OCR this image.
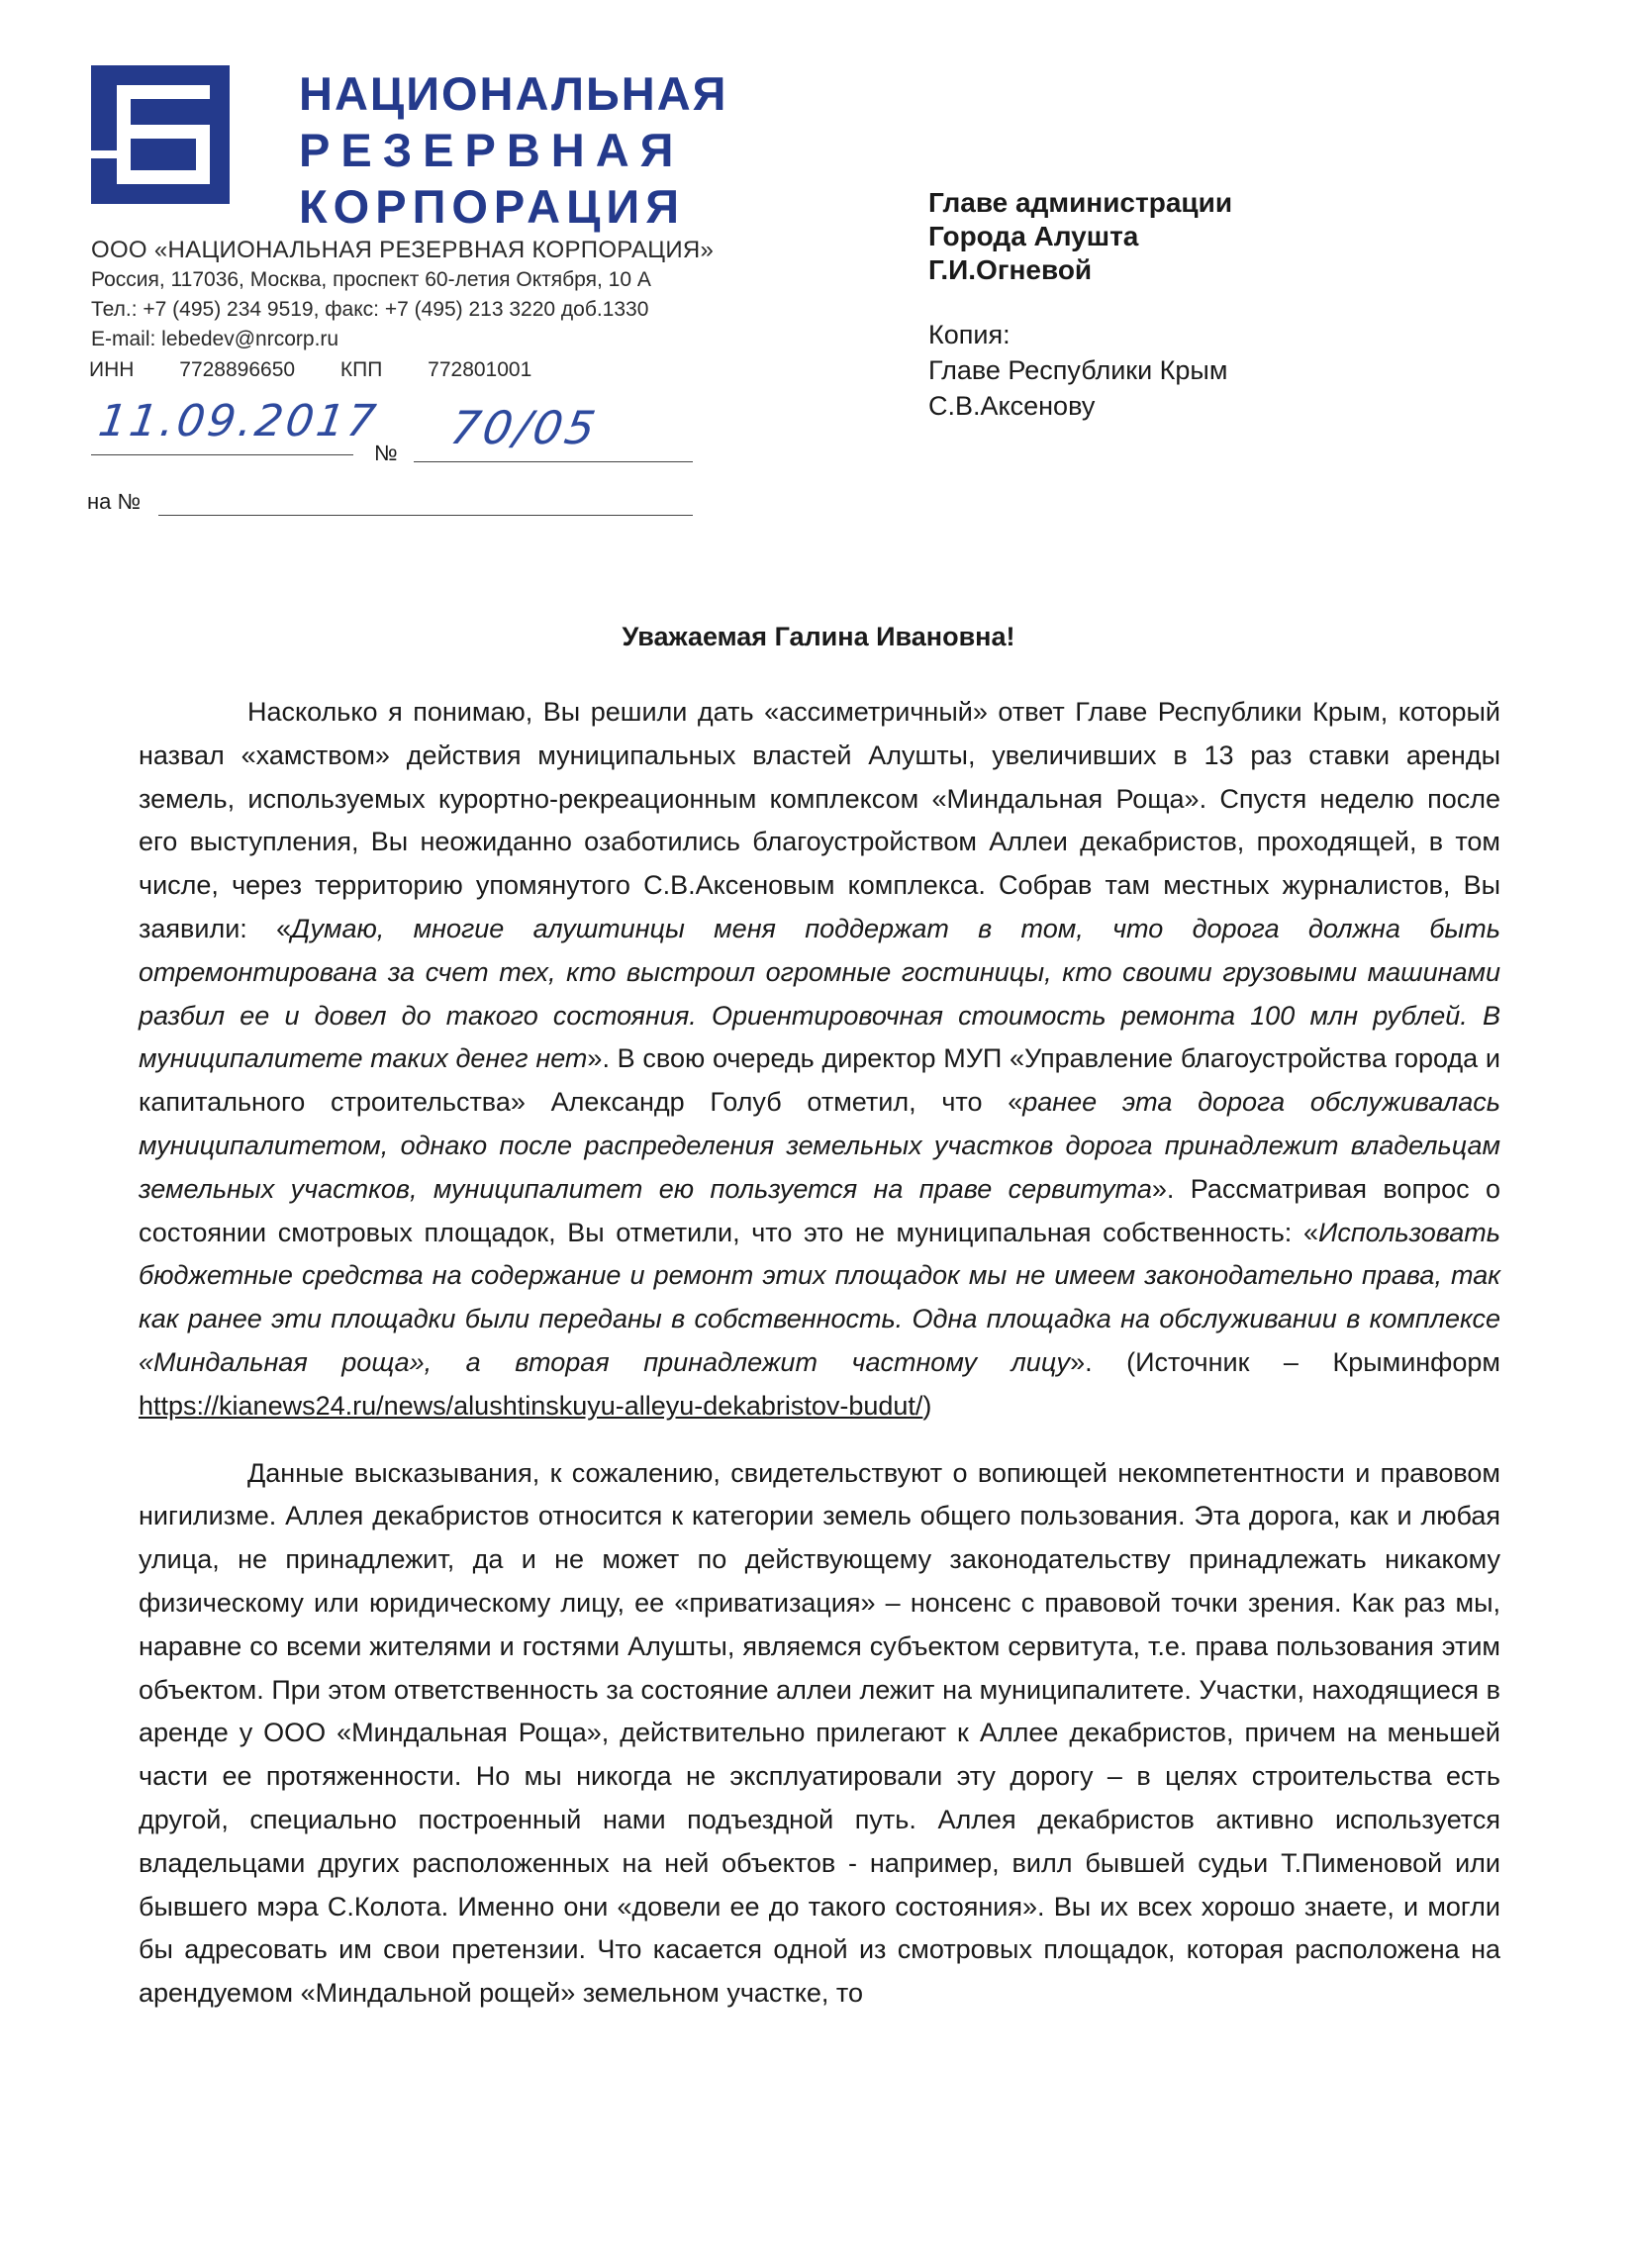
НАЦИОНАЛЬНАЯ
РЕЗЕРВНАЯ
КОРПОРАЦИЯ
ООО «НАЦИОНАЛЬНАЯ РЕЗЕРВНАЯ КОРПОРАЦИЯ»
Россия, 117036, Москва, проспект 60-летия Октября, 10 А
Тел.: +7 (495) 234 9519, факс: +7 (495) 213 3220 доб.1330
E-mail: lebedev@nrcorp.ru
ИНН 7728896650 КПП 772801001
11.09.2017
№ 70/05
на №
Главе администрации
Города Алушта
Г.И.Огневой
Копия:
Главе Республики Крым
С.В.Аксенову
Уважаемая Галина Ивановна!

Насколько я понимаю, Вы решили дать «ассиметричный» ответ Главе Республики Крым, который назвал «хамством» действия муниципальных властей Алушты, увеличивших в 13 раз ставки аренды земель, используемых курортно-рекреационным комплексом «Миндальная Роща». Спустя неделю после его выступления, Вы неожиданно озаботились благоустройством Аллеи декабристов, проходящей, в том числе, через территорию упомянутого С.В.Аксеновым комплекса. Собрав там местных журналистов, Вы заявили: «Думаю, многие алуштинцы меня поддержат в том, что дорога должна быть отремонтирована за счет тех, кто выстроил огромные гостиницы, кто своими грузовыми машинами разбил ее и довел до такого состояния. Ориентировочная стоимость ремонта 100 млн рублей. В муниципалитете таких денег нет». В свою очередь директор МУП «Управление благоустройства города и капитального строительства» Александр Голуб отметил, что «ранее эта дорога обслуживалась муниципалитетом, однако после распределения земельных участков дорога принадлежит владельцам земельных участков, муниципалитет ею пользуется на праве сервитута». Рассматривая вопрос о состоянии смотровых площадок, Вы отметили, что это не муниципальная собственность: «Использовать бюджетные средства на содержание и ремонт этих площадок мы не имеем законодательно права, так как ранее эти площадки были переданы в собственность. Одна площадка на обслуживании в комплексе «Миндальная роща», а вторая принадлежит частному лицу». (Источник – Крыминформ https://kianews24.ru/news/alushtinskuyu-alleyu-dekabristov-budut/)

Данные высказывания, к сожалению, свидетельствуют о вопиющей некомпетентности и правовом нигилизме. Аллея декабристов относится к категории земель общего пользования. Эта дорога, как и любая улица, не принадлежит, да и не может по действующему законодательству принадлежать никакому физическому или юридическому лицу, ее «приватизация» – нонсенс с правовой точки зрения. Как раз мы, наравне со всеми жителями и гостями Алушты, являемся субъектом сервитута, т.е. права пользования этим объектом. При этом ответственность за состояние аллеи лежит на муниципалитете. Участки, находящиеся в аренде у ООО «Миндальная Роща», действительно прилегают к Аллее декабристов, причем на меньшей части ее протяженности. Но мы никогда не эксплуатировали эту дорогу – в целях строительства есть другой, специально построенный нами подъездной путь. Аллея декабристов активно используется владельцами других расположенных на ней объектов - например, вилл бывшей судьи Т.Пименовой или бывшего мэра С.Колота. Именно они «довели ее до такого состояния». Вы их всех хорошо знаете, и могли бы адресовать им свои претензии. Что касается одной из смотровых площадок, которая расположена на арендуемом «Миндальной рощей» земельном участке, то
